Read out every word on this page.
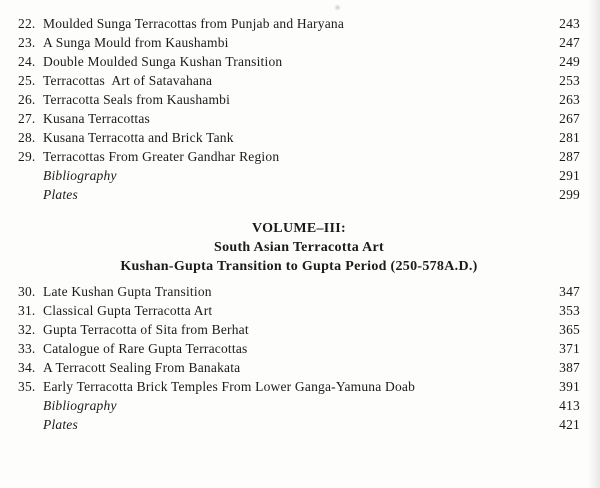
22. Moulded Sunga Terracottas from Punjab and Haryana	243
23. A Sunga Mould from Kaushambi	247
24. Double Moulded Sunga Kushan Transition	249
25. Terracottas  Art of Satavahana	253
26. Terracotta Seals from Kaushambi	263
27. Kusana Terracottas	267
28. Kusana Terracotta and Brick Tank	281
29. Terracottas From Greater Gandhar Region	287
Bibliography	291
Plates	299
VOLUME–III:
South Asian Terracotta Art
Kushan-Gupta Transition to Gupta Period (250-578A.D.)
30. Late Kushan Gupta Transition	347
31. Classical Gupta Terracotta Art	353
32. Gupta Terracotta of Sita from Berhat	365
33. Catalogue of Rare Gupta Terracottas	371
34. A Terracott Sealing From Banakata	387
35. Early Terracotta Brick Temples From Lower Ganga-Yamuna Doab	391
Bibliography	413
Plates	421
